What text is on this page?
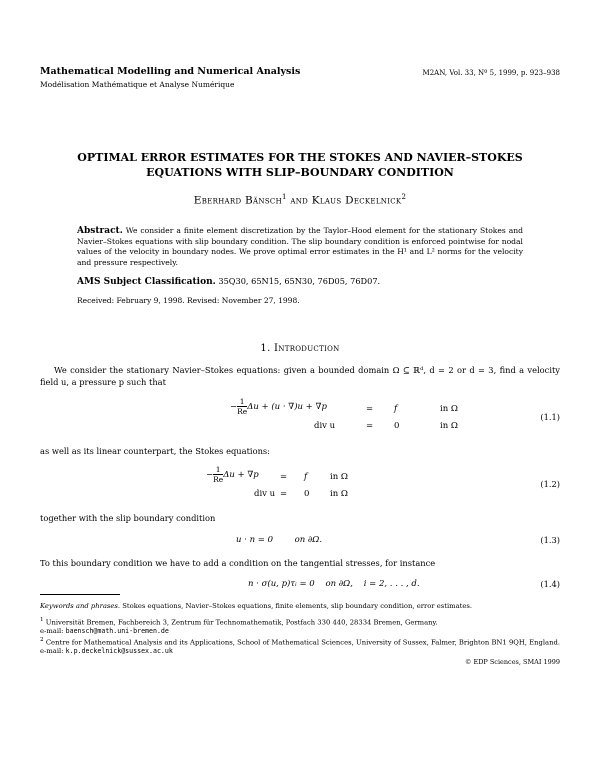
Mathematical Modelling and Numerical Analysis
Modélisation Mathématique et Analyse Numérique
M2AN, Vol. 33, Nº 5, 1999, p. 923–938
OPTIMAL ERROR ESTIMATES FOR THE STOKES AND NAVIER–STOKES
EQUATIONS WITH SLIP–BOUNDARY CONDITION
Eberhard Bänsch$^1$ and Klaus Deckelnick$^2$
Abstract. We consider a finite element discretization by the Taylor–Hood element for the stationary Stokes and Navier–Stokes equations with slip boundary condition. The slip boundary condition is enforced pointwise for nodal values of the velocity in boundary nodes. We prove optimal error estimates in the H¹ and L² norms for the velocity and pressure respectively.
AMS Subject Classification. 35Q30, 65N15, 65N30, 76D05, 76D07.
Received: February 9, 1998. Revised: November 27, 1998.
1. Introduction
We consider the stationary Navier–Stokes equations: given a bounded domain Ω ⊆ ℝᵈ, d = 2 or d = 3, find a velocity field u, a pressure p such that
− $\frac{1}{Re}$ Δu + (u · ∇)u + ∇p	= f	in Ω
div u	= 0	in Ω
(1.1)
as well as its linear counterpart, the Stokes equations:
− $\frac{1}{Re}$ Δu + ∇p	= f	in Ω
div u = 0 in Ω
(1.2)
together with the slip boundary condition
u · n = 0        on ∂Ω.	(1.3)
To this boundary condition we have to add a condition on the tangential stresses, for instance
n · σ(u, p)τᵢ = 0    on ∂Ω,    i = 2, . . . , d.	(1.4)
Keywords and phrases. Stokes equations, Navier–Stokes equations, finite elements, slip boundary condition, error estimates.
$^1$ Universität Bremen, Fachbereich 3, Zentrum für Technomathematik, Postfach 330 440, 28334 Bremen, Germany.
e-mail: baensch@math.uni-bremen.de
$^2$ Centre for Mathematical Analysis and its Applications, School of Mathematical Sciences, University of Sussex, Falmer, Brighton BN1 9QH, England. e-mail: k.p.deckelnick@sussex.ac.uk
© EDP Sciences, SMAI 1999
